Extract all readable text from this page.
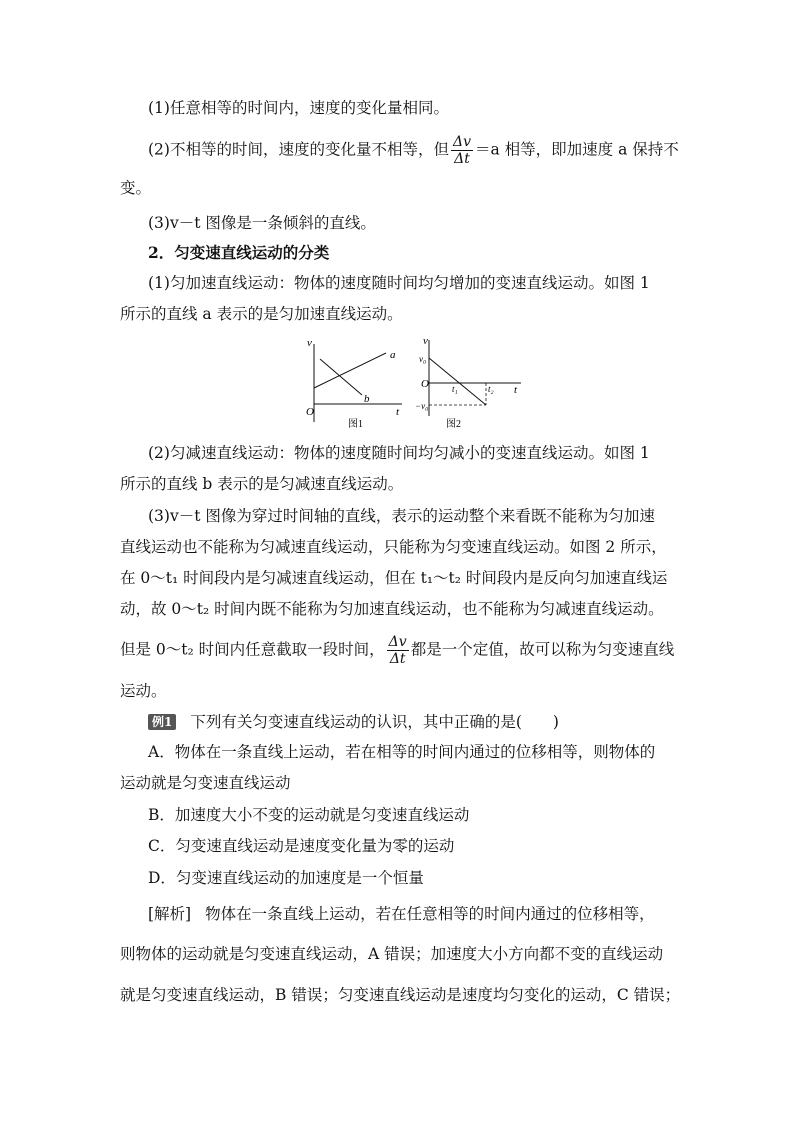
(1)任意相等的时间内，速度的变化量相同。
(2)不相等的时间，速度的变化量不相等，但 $\frac{\Delta v}{\Delta t} =a$ 相等，即加速度 a 保持不
变。
(3)v－t 图像是一条倾斜的直线。
2．匀变速直线运动的分类
(1)匀加速直线运动：物体的速度随时间均匀增加的变速直线运动。如图 1
所示的直线 a 表示的是匀加速直线运动。
v
t
O
a
b
图1
v
v₀
O	t₁	t₂ t
−v₀
图2
(2)匀减速直线运动：物体的速度随时间均匀减小的变速直线运动。如图 1
所示的直线 b 表示的是匀减速直线运动。
(3)v－t 图像为穿过时间轴的直线，表示的运动整个来看既不能称为匀加速
直线运动也不能称为匀减速直线运动，只能称为匀变速直线运动。如图 2 所示，
在 0～t₁ 时间段内是匀减速直线运动，但在 t₁～t₂ 时间段内是反向匀加速直线运
动，故 0～t₂ 时间内既不能称为匀加速直线运动，也不能称为匀减速直线运动。
但是 0～t₂ 时间内任意截取一段时间， $\frac{\Delta v}{\Delta t}$ 都是一个定值，故可以称为匀变速直线
运动。
例1 下列有关匀变速直线运动的认识，其中正确的是(　　)
A．物体在一条直线上运动，若在相等的时间内通过的位移相等，则物体的
运动就是匀变速直线运动
B．加速度大小不变的运动就是匀变速直线运动
C．匀变速直线运动是速度变化量为零的运动
D．匀变速直线运动的加速度是一个恒量
[解析] 物体在一条直线上运动，若在任意相等的时间内通过的位移相等，
则物体的运动就是匀变速直线运动，A 错误；加速度大小方向都不变的直线运动
就是匀变速直线运动，B 错误；匀变速直线运动是速度均匀变化的运动，C 错误；
